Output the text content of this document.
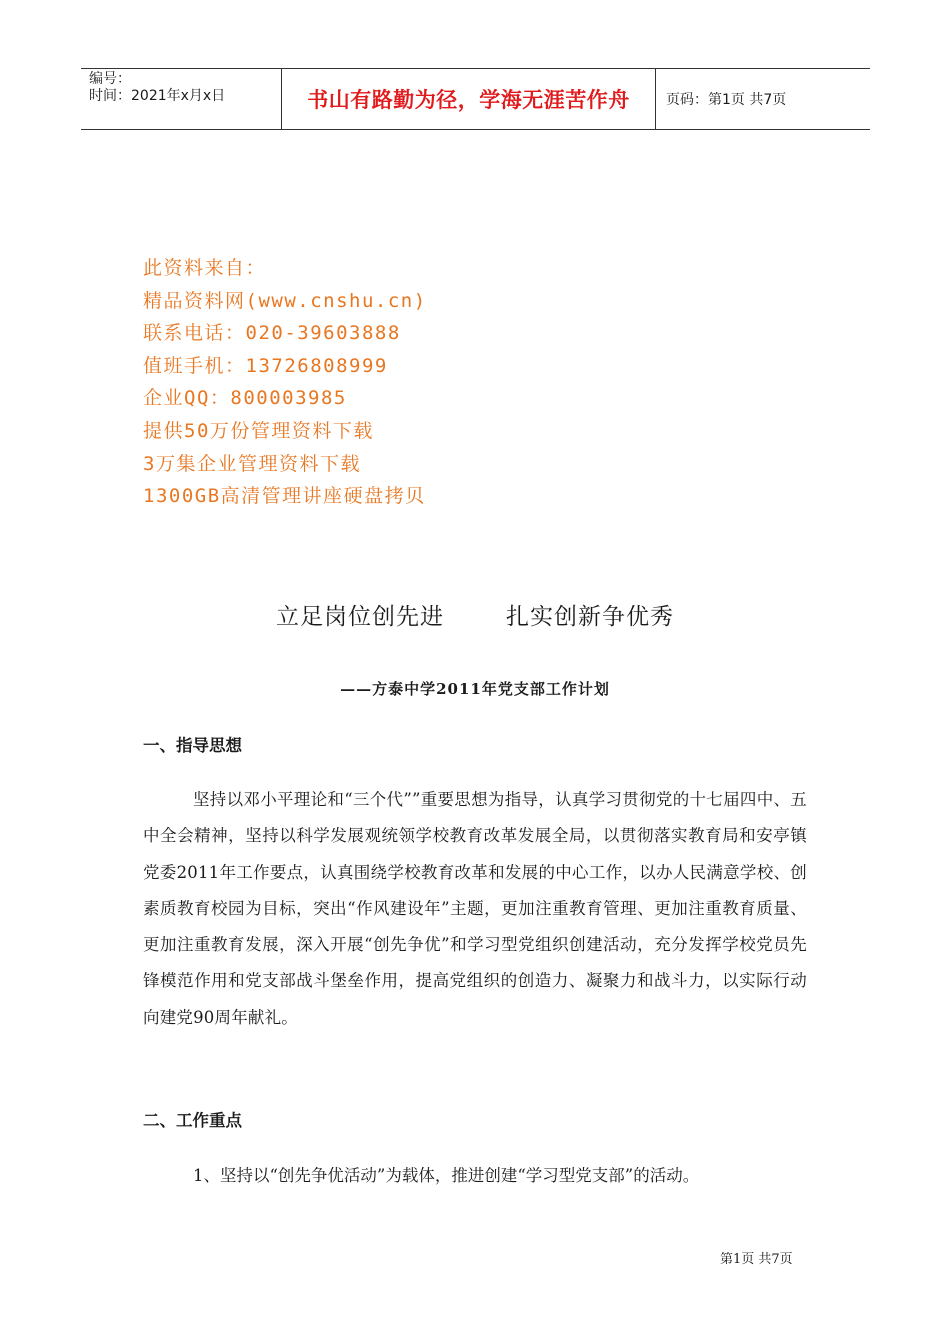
编号：
时间：2021年x月x日	书山有路勤为径，学海无涯苦作舟	页码：第1页 共7页
此资料来自：
精品资料网(www.cnshu.cn)
联系电话：020-39603888
值班手机：13726808999
企业QQ：800003985
提供50万份管理资料下载
3万集企业管理资料下载
1300GB高清管理讲座硬盘拷贝
立足岗位创先进	扎实创新争优秀
——方泰中学2011年党支部工作计划
一、指导思想
坚持以邓小平理论和“三个代””重要思想为指导，认真学习贯彻党的十七届四中、五中全会精神，坚持以科学发展观统领学校教育改革发展全局，以贯彻落实教育局和安亭镇党委2011年工作要点，认真围绕学校教育改革和发展的中心工作，以办人民满意学校、创素质教育校园为目标，突出“作风建设年”主题，更加注重教育管理、更加注重教育质量、更加注重教育发展，深入开展“创先争优”和学习型党组织创建活动，充分发挥学校党员先锋模范作用和党支部战斗堡垒作用，提高党组织的创造力、凝聚力和战斗力，以实际行动向建党90周年献礼。
二、工作重点
1、坚持以“创先争优活动”为载体，推进创建“学习型党支部”的活动。
第1页 共7页
